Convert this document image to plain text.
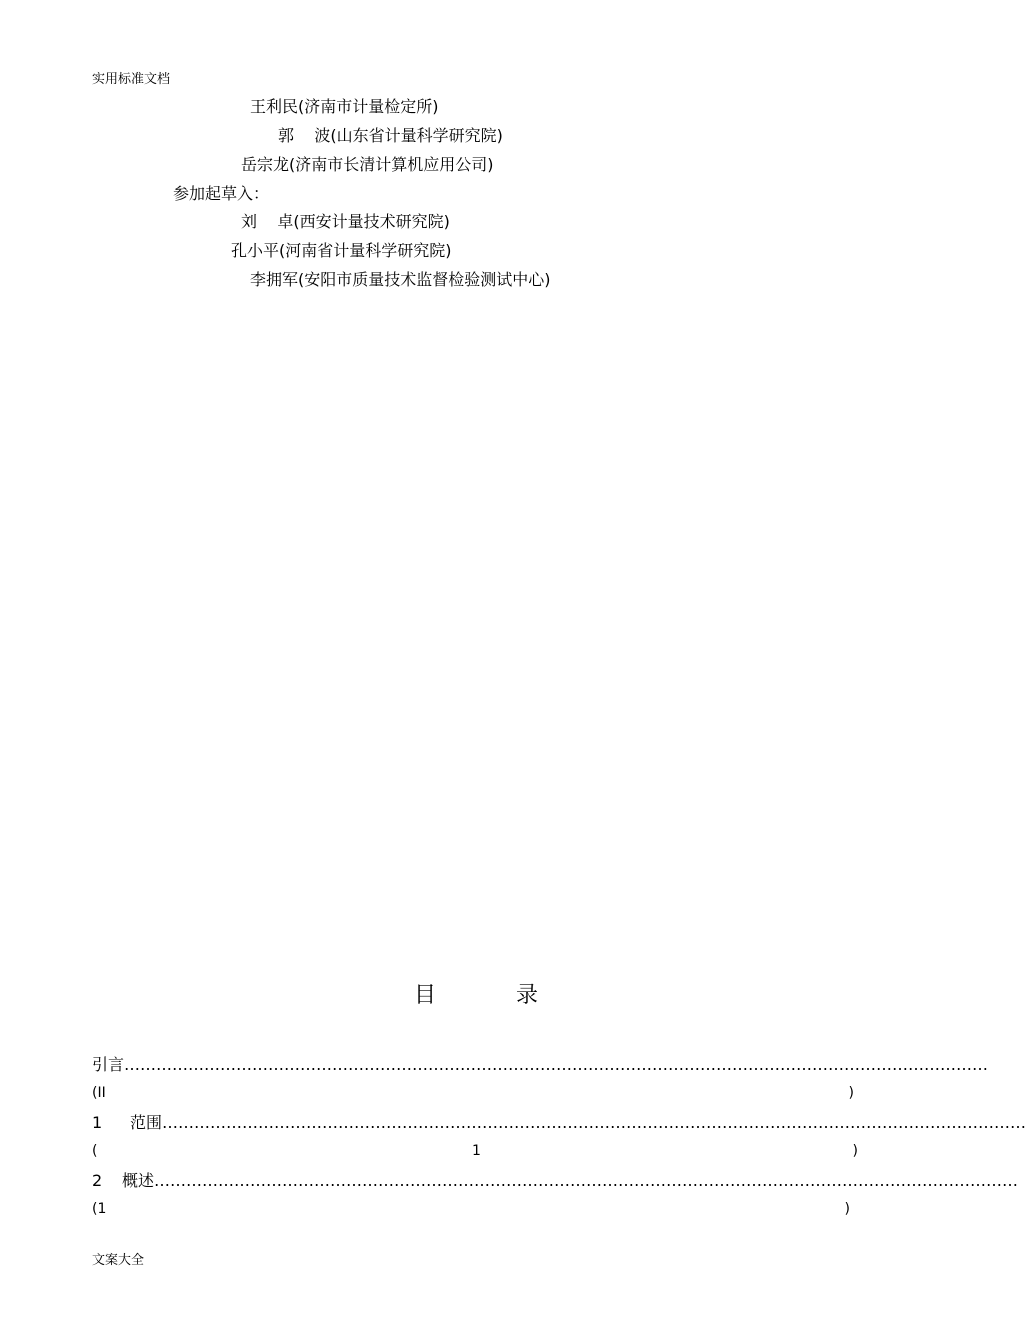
实用标准文档
王利民(济南市计量检定所)
郭    波(山东省计量科学研究院)
岳宗龙(济南市长清计算机应用公司)
参加起草入：
刘    卓(西安计量技术研究院)
孔小平(河南省计量科学研究院)
李拥军(安阳市质量技术监督检验测试中心)
目	录
引言 ………………………………………………………………………………………………………………………………………………
(II	)
1	范围 ………………………………………………………………………………………………………………………………………………
(	1	)
2	概述 ………………………………………………………………………………………………………………………………………………
(1	)
文案大全
